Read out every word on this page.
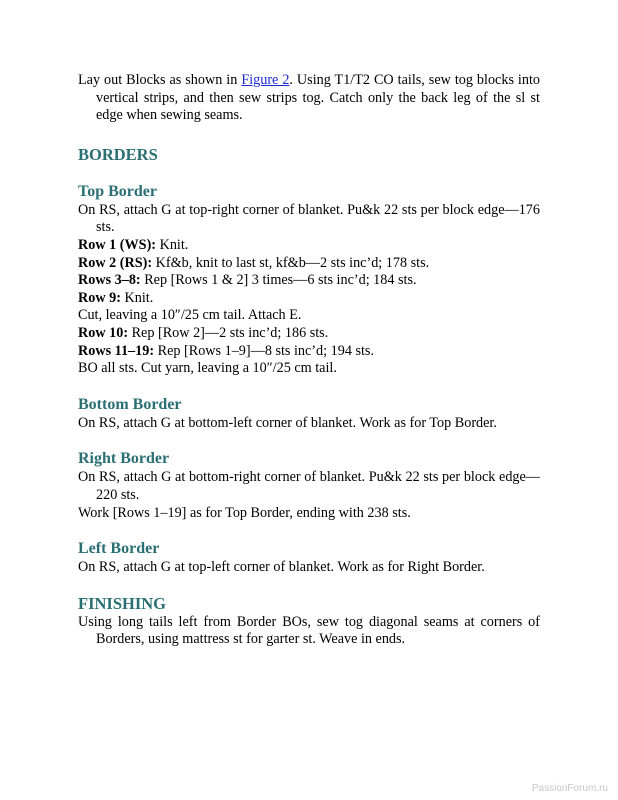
Lay out Blocks as shown in Figure 2. Using T1/T2 CO tails, sew tog blocks into vertical strips, and then sew strips tog. Catch only the back leg of the sl st edge when sewing seams.

BORDERS

Top Border

On RS, attach G at top-right corner of blanket. Pu&k 22 sts per block edge—176 sts.

Row 1 (WS): Knit.

Row 2 (RS): Kf&b, knit to last st, kf&b—2 sts inc’d; 178 sts.

Rows 3–8: Rep [Rows 1 & 2] 3 times—6 sts inc’d; 184 sts.

Row 9: Knit.

Cut, leaving a 10″/25 cm tail. Attach E.

Row 10: Rep [Row 2]—2 sts inc’d; 186 sts.

Rows 11–19: Rep [Rows 1–9]—8 sts inc’d; 194 sts.

BO all sts. Cut yarn, leaving a 10″/25 cm tail.

Bottom Border

On RS, attach G at bottom-left corner of blanket. Work as for Top Border.

Right Border

On RS, attach G at bottom-right corner of blanket. Pu&k 22 sts per block edge—220 sts.

Work [Rows 1–19] as for Top Border, ending with 238 sts.

Left Border

On RS, attach G at top-left corner of blanket. Work as for Right Border.

FINISHING

Using long tails left from Border BOs, sew tog diagonal seams at corners of Borders, using mattress st for garter st. Weave in ends.

PassionForum.ru
